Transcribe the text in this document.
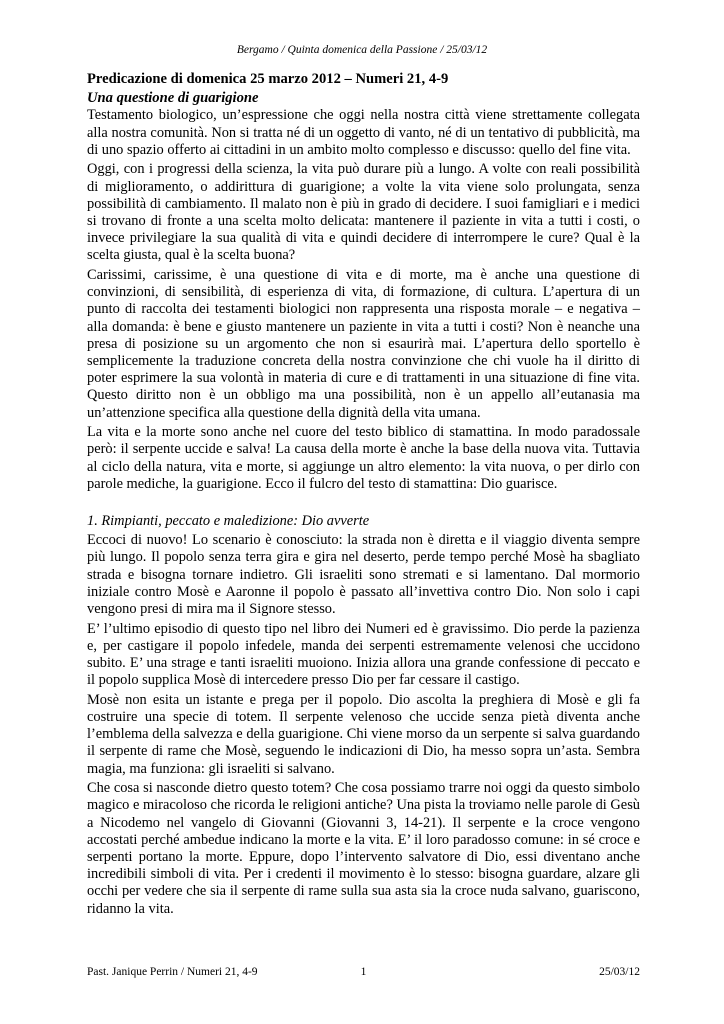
Bergamo / Quinta domenica della Passione / 25/03/12

Predicazione di domenica 25 marzo 2012 – Numeri 21, 4-9

Una questione di guarigione

Testamento biologico, un’espressione che oggi nella nostra città viene strettamente collegata alla nostra comunità. Non si tratta né di un oggetto di vanto, né di un tentativo di pubblicità, ma di uno spazio offerto ai cittadini in un ambito molto complesso e discusso: quello del fine vita.

Oggi, con i progressi della scienza, la vita può durare più a lungo. A volte con reali possibilità di miglioramento, o addirittura di guarigione; a volte la vita viene solo prolungata, senza possibilità di cambiamento. Il malato non è più in grado di decidere. I suoi famigliari e i medici si trovano di fronte a una scelta molto delicata: mantenere il paziente in vita a tutti i costi, o invece privilegiare la sua qualità di vita e quindi decidere di interrompere le cure? Qual è la scelta giusta, qual è la scelta buona?

Carissimi, carissime, è una questione di vita e di morte, ma è anche una questione di convinzioni, di sensibilità, di esperienza di vita, di formazione, di cultura. L’apertura di un punto di raccolta dei testamenti biologici non rappresenta una risposta morale – e negativa – alla domanda: è bene e giusto mantenere un paziente in vita a tutti i costi? Non è neanche una presa di posizione su un argomento che non si esaurirà mai. L’apertura dello sportello è semplicemente la traduzione concreta della nostra convinzione che chi vuole ha il diritto di poter esprimere la sua volontà in materia di cure e di trattamenti in una situazione di fine vita. Questo diritto non è un obbligo ma una possibilità, non è un appello all’eutanasia ma un’attenzione specifica alla questione della dignità della vita umana.

La vita e la morte sono anche nel cuore del testo biblico di stamattina. In modo paradossale però: il serpente uccide e salva! La causa della morte è anche la base della nuova vita. Tuttavia al ciclo della natura, vita e morte, si aggiunge un altro elemento: la vita nuova, o per dirlo con parole mediche, la guarigione. Ecco il fulcro del testo di stamattina: Dio guarisce.

1. Rimpianti, peccato e maledizione: Dio avverte

Eccoci di nuovo! Lo scenario è conosciuto: la strada non è diretta e il viaggio diventa sempre più lungo. Il popolo senza terra gira e gira nel deserto, perde tempo perché Mosè ha sbagliato strada e bisogna tornare indietro. Gli israeliti sono stremati e si lamentano. Dal mormorio iniziale contro Mosè e Aaronne il popolo è passato all’invettiva contro Dio. Non solo i capi vengono presi di mira ma il Signore stesso.

E’ l’ultimo episodio di questo tipo nel libro dei Numeri ed è gravissimo. Dio perde la pazienza e, per castigare il popolo infedele, manda dei serpenti estremamente velenosi che uccidono subito. E’ una strage e tanti israeliti muoiono. Inizia allora una grande confessione di peccato e il popolo supplica Mosè di intercedere presso Dio per far cessare il castigo.

Mosè non esita un istante e prega per il popolo. Dio ascolta la preghiera di Mosè e gli fa costruire una specie di totem. Il serpente velenoso che uccide senza pietà diventa anche l’emblema della salvezza e della guarigione. Chi viene morso da un serpente si salva guardando il serpente di rame che Mosè, seguendo le indicazioni di Dio, ha messo sopra un’asta. Sembra magia, ma funziona: gli israeliti si salvano.

Che cosa si nasconde dietro questo totem? Che cosa possiamo trarre noi oggi da questo simbolo magico e miracoloso che ricorda le religioni antiche? Una pista la troviamo nelle parole di Gesù a Nicodemo nel vangelo di Giovanni (Giovanni 3, 14-21). Il serpente e la croce vengono accostati perché ambedue indicano la morte e la vita. E’ il loro paradosso comune: in sé croce e serpenti portano la morte. Eppure, dopo l’intervento salvatore di Dio, essi diventano anche incredibili simboli di vita. Per i credenti il movimento è lo stesso: bisogna guardare, alzare gli occhi per vedere che sia il serpente di rame sulla sua asta sia la croce nuda salvano, guariscono, ridanno la vita.

Past. Janique Perrin / Numeri 21, 4-9	1	25/03/12
